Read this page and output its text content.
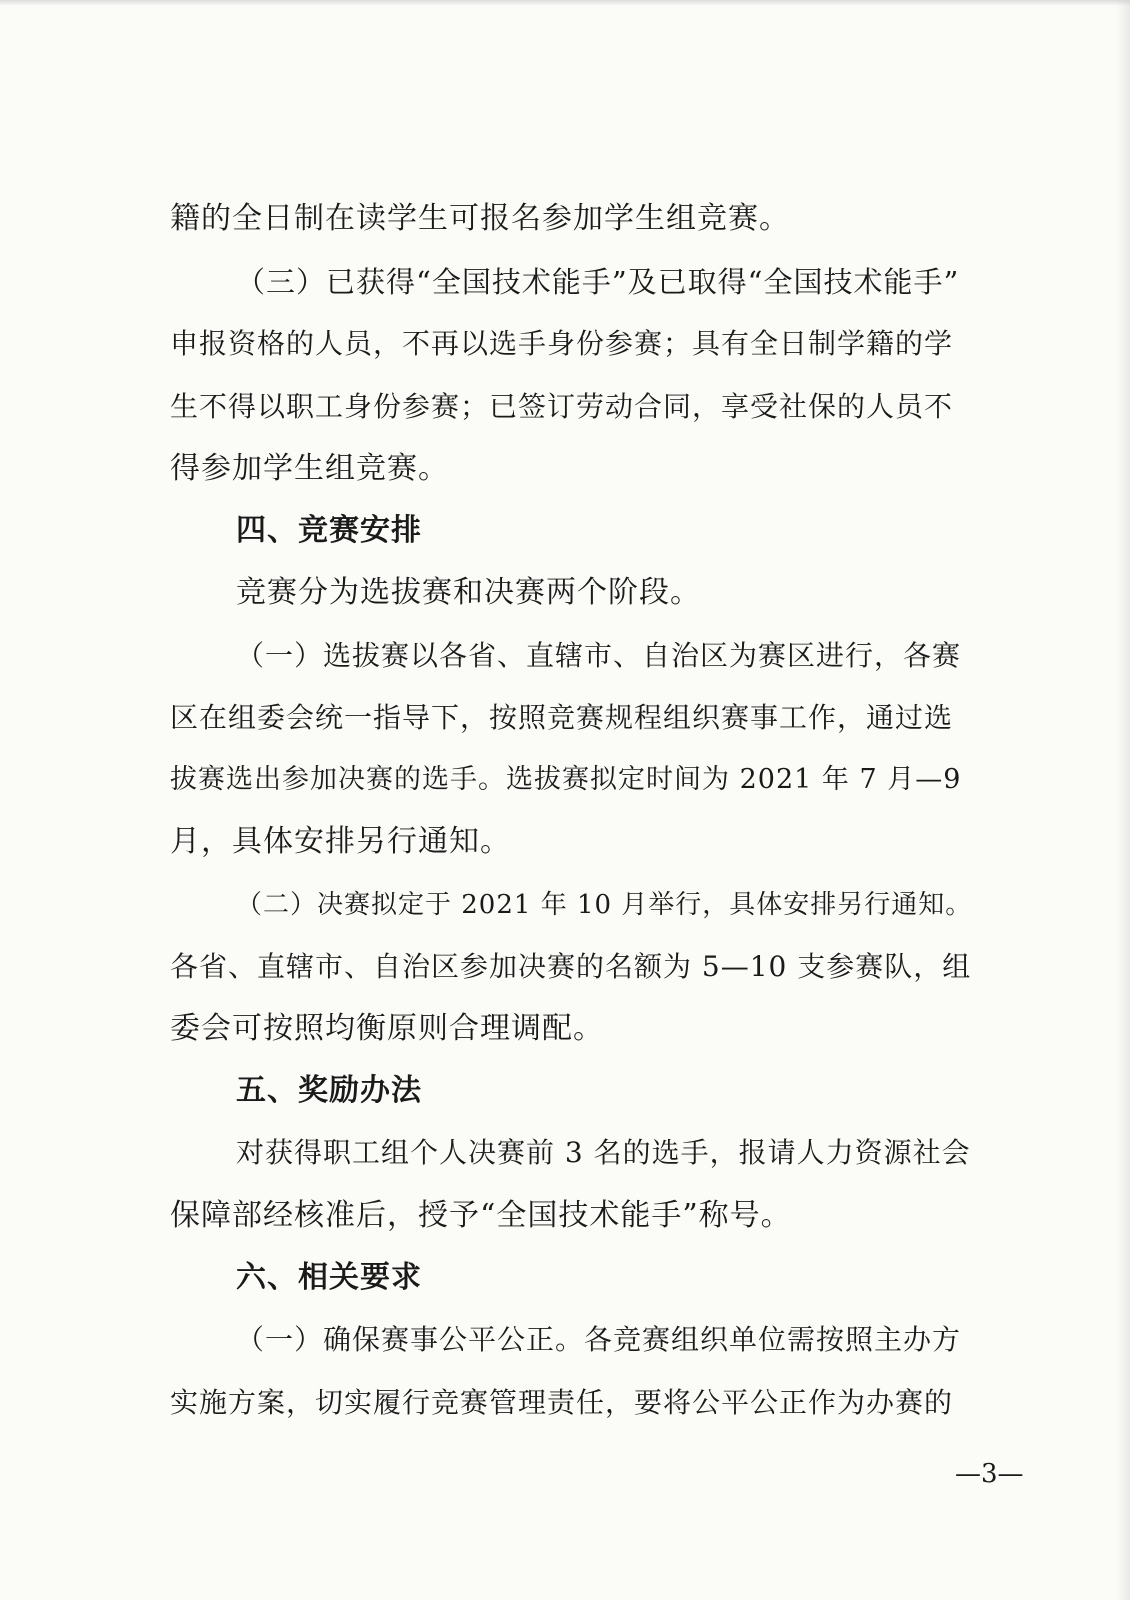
籍的全日制在读学生可报名参加学生组竞赛。
（三）已获得“全国技术能手”及已取得“全国技术能手”
申报资格的人员，不再以选手身份参赛；具有全日制学籍的学
生不得以职工身份参赛；已签订劳动合同，享受社保的人员不
得参加学生组竞赛。
四、竞赛安排
竞赛分为选拔赛和决赛两个阶段。
（一）选拔赛以各省、直辖市、自治区为赛区进行，各赛
区在组委会统一指导下，按照竞赛规程组织赛事工作，通过选
拔赛选出参加决赛的选手。选拔赛拟定时间为 2021 年 7 月—9
月，具体安排另行通知。
（二）决赛拟定于 2021 年 10 月举行，具体安排另行通知。
各省、直辖市、自治区参加决赛的名额为 5—10 支参赛队，组
委会可按照均衡原则合理调配。
五、奖励办法
对获得职工组个人决赛前 3 名的选手，报请人力资源社会
保障部经核准后，授予“全国技术能手”称号。
六、相关要求
（一）确保赛事公平公正。各竞赛组织单位需按照主办方
实施方案，切实履行竞赛管理责任，要将公平公正作为办赛的
—3—
